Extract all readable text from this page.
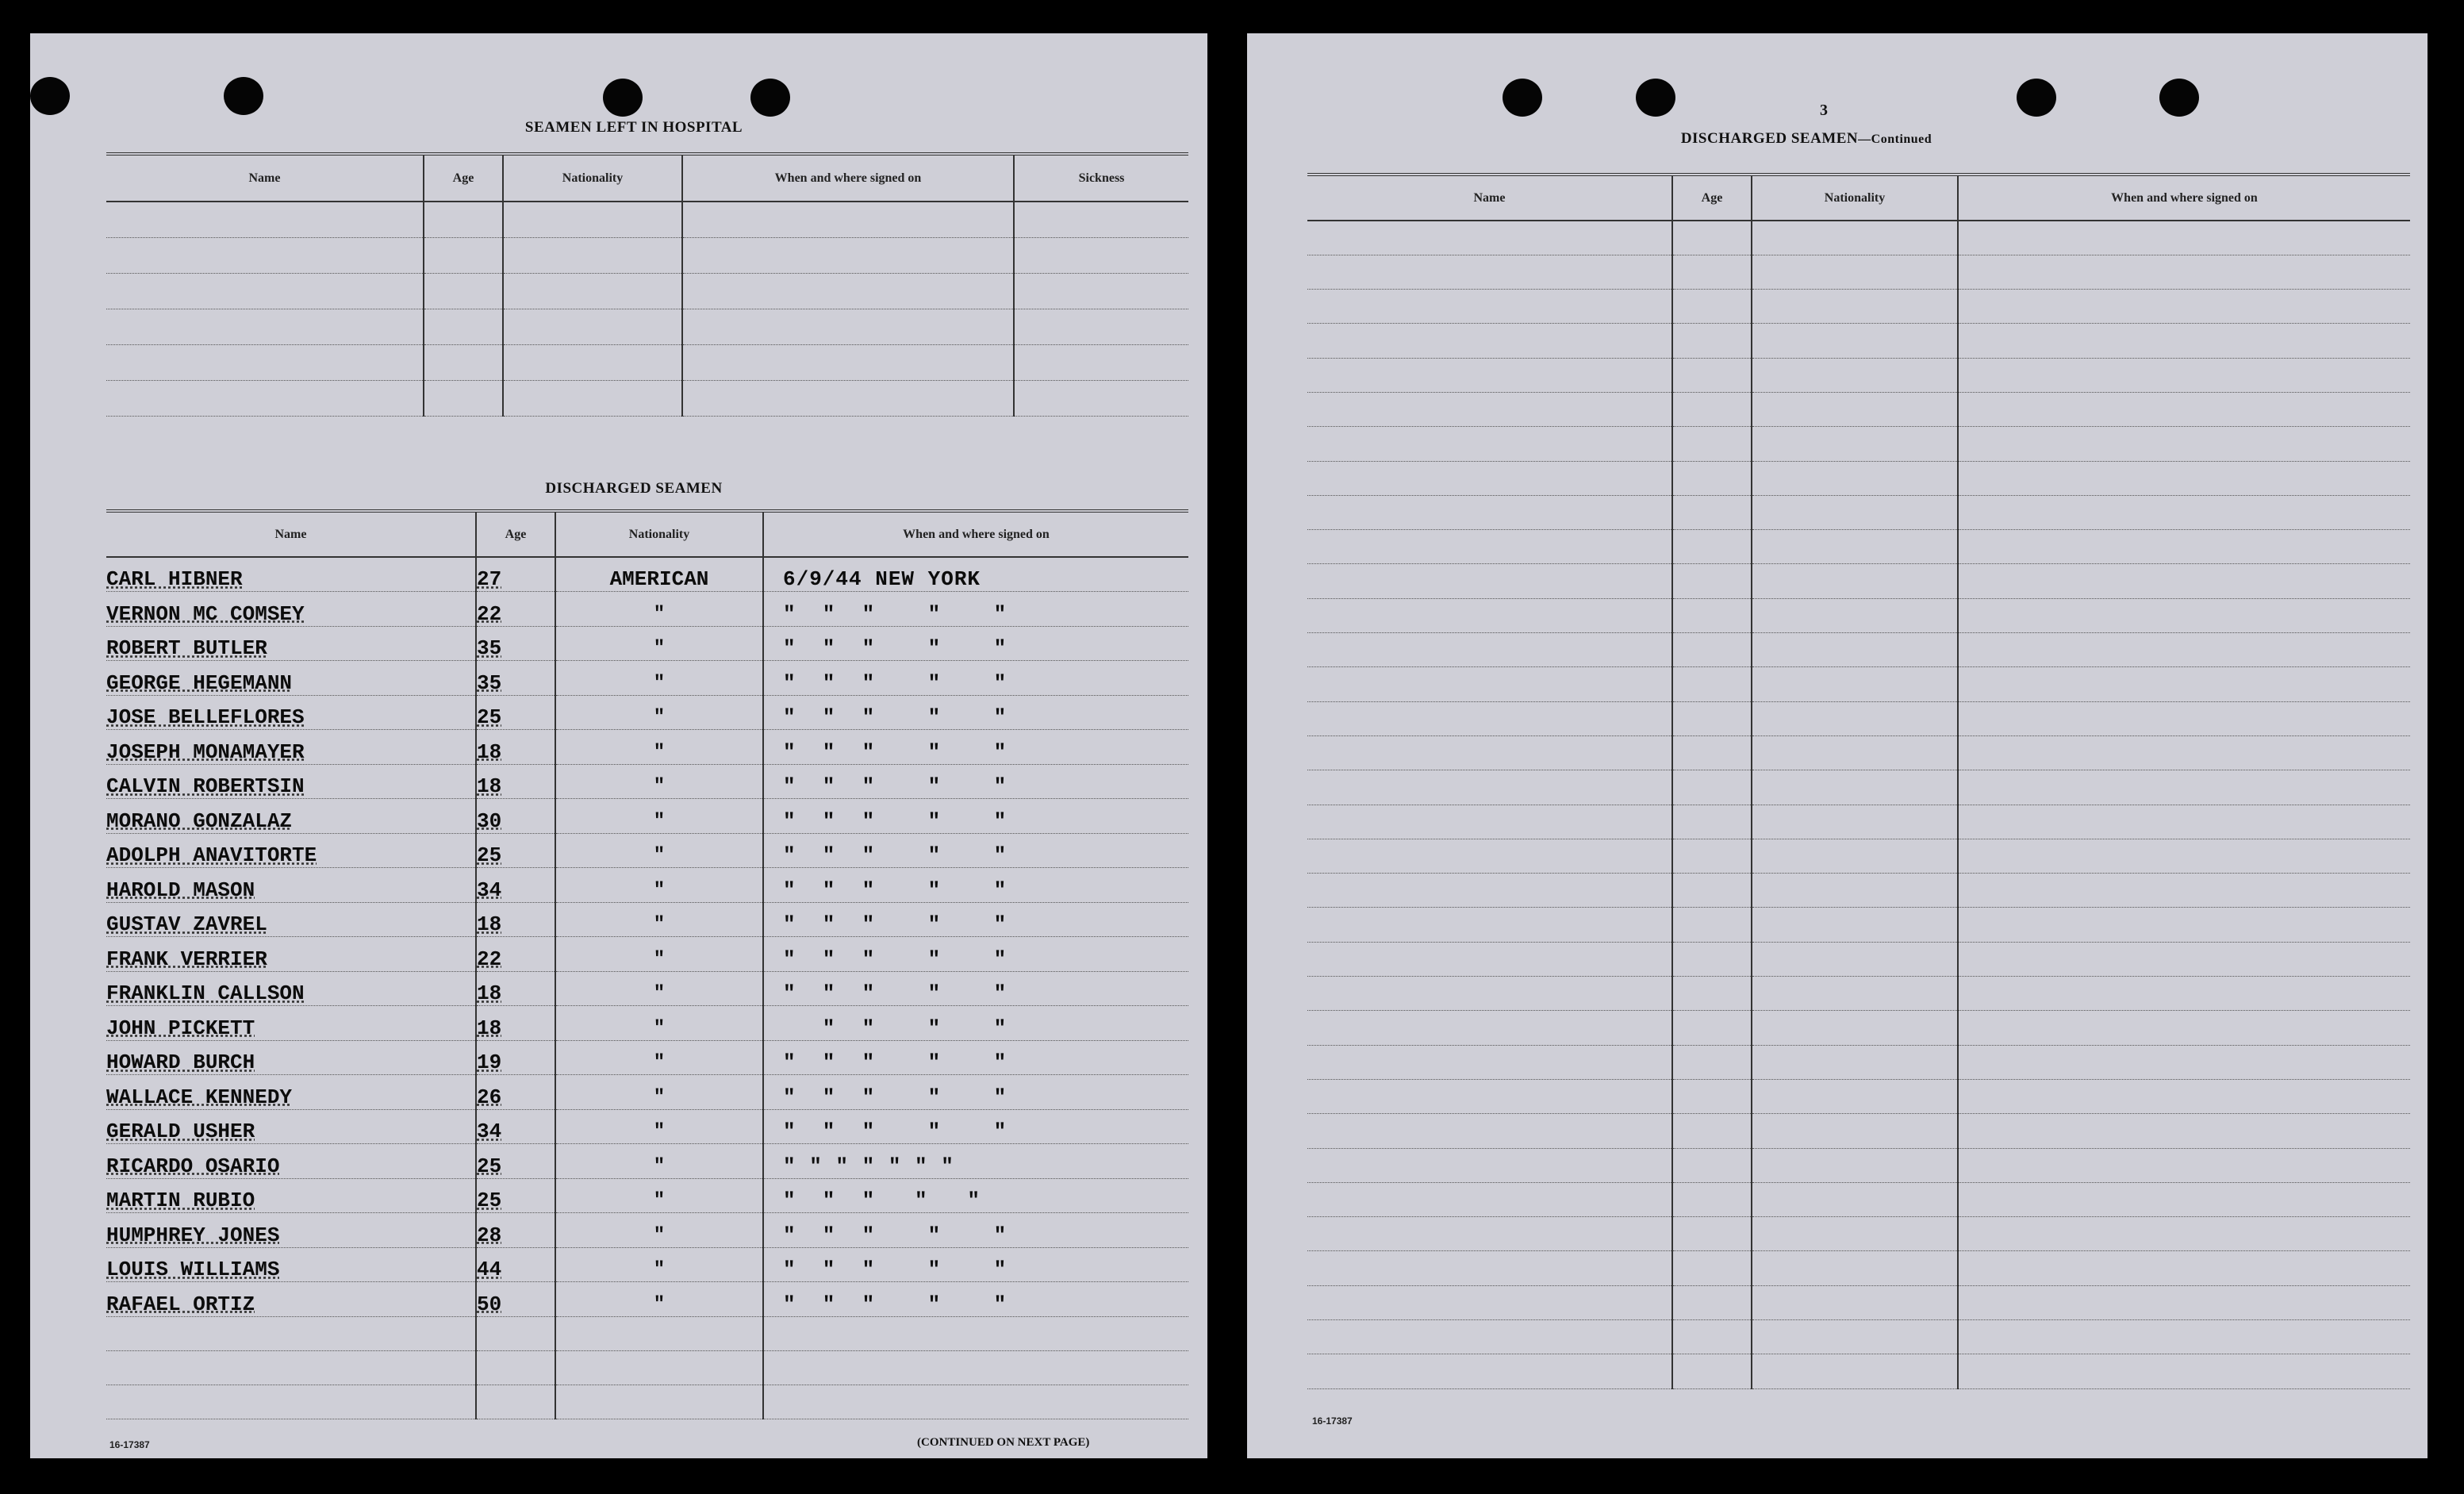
SEAMEN LEFT IN HOSPITAL
Name	Age	Nationality	When and where signed on	Sickness

DISCHARGED SEAMEN
Name	Age	Nationality	When and where signed on
CARL HIBNER	27	AMERICAN	6/9/44 NEW YORK
VERNON MC COMSEY	22	"	"  "  "    "    "
ROBERT BUTLER	35	"	"  "  "    "    "
GEORGE HEGEMANN	35	"	"  "  "    "    "
JOSE BELLEFLORES	25	"	"  "  "    "    "
JOSEPH MONAMAYER	18	"	"  "  "    "    "
CALVIN ROBERTSIN	18	"	"  "  "    "    "
MORANO GONZALAZ	30	"	"  "  "    "    "
ADOLPH ANAVITORTE	25	"	"  "  "    "    "
HAROLD MASON	34	"	"  "  "    "    "
GUSTAV ZAVREL	18	"	"  "  "    "    "
FRANK VERRIER	22	"	"  "  "    "    "
FRANKLIN CALLSON	18	"	"  "  "    "    "
JOHN PICKETT	18	"	"  "    "    "
HOWARD BURCH	19	"	"  "  "    "    "
WALLACE KENNEDY	26	"	"  "  "    "    "
GERALD USHER	34	"	"  "  "    "    "
RICARDO OSARIO	25	"	" " " " " " "
MARTIN RUBIO	25	"	"  "  "   "   "
HUMPHREY JONES	28	"	"  "  "    "    "
LOUIS WILLIAMS	44	"	"  "  "    "    "
RAFAEL ORTIZ	50	"	"  "  "    "    "

16-17387	(CONTINUED ON NEXT PAGE)
3
DISCHARGED SEAMEN—Continued
Name	Age	Nationality	When and where signed on

16-17387
